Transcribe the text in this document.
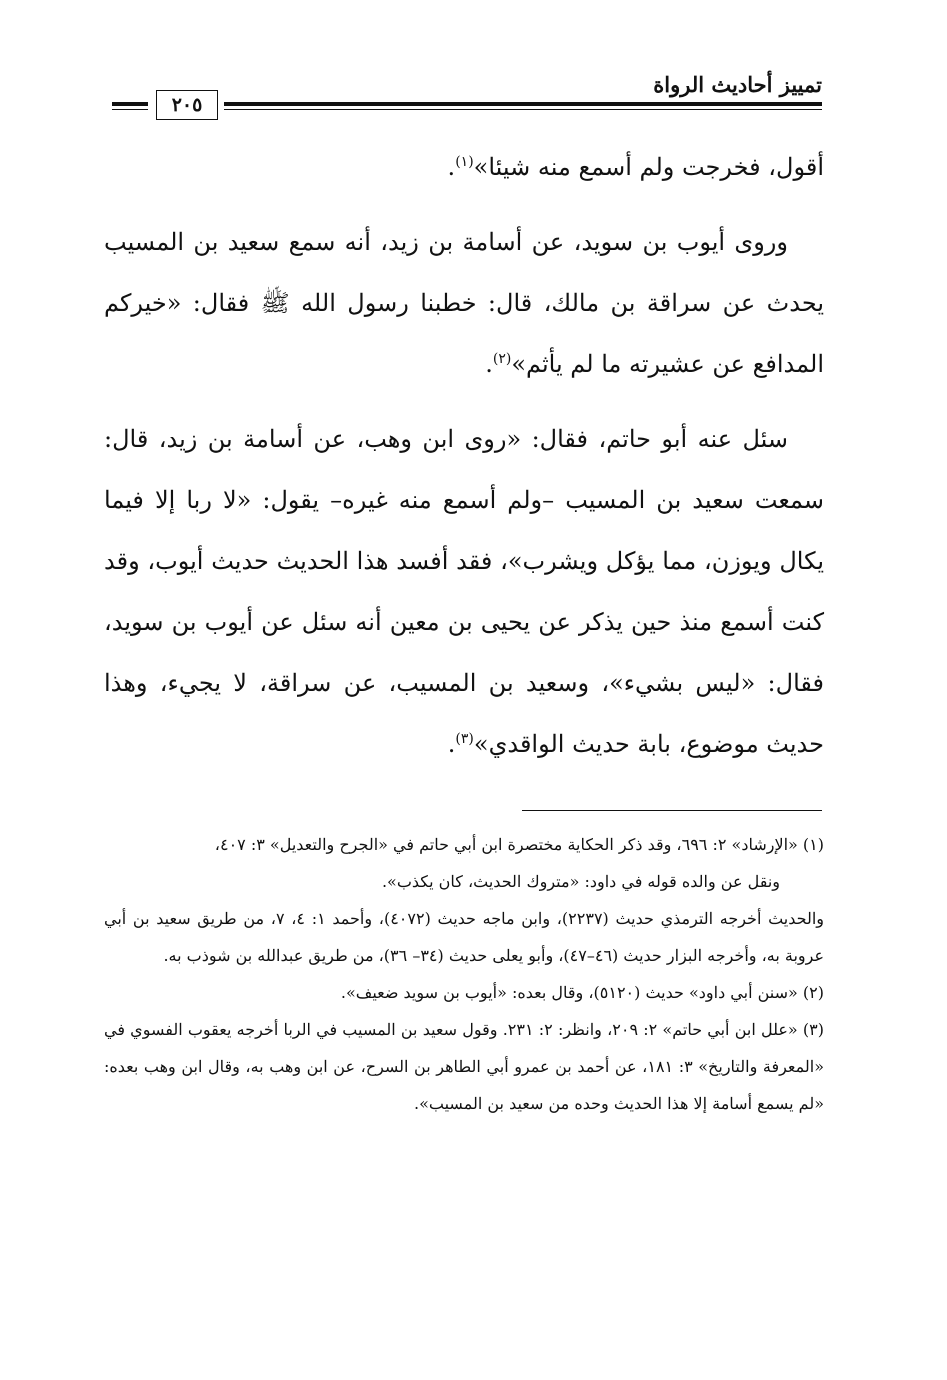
تمييز أحاديث الرواة
٢٠٥

أقول، فخرجت ولم أسمع منه شيئا»$^{(١)}$.

وروى أيوب بن سويد، عن أسامة بن زيد، أنه سمع سعيد بن المسيب يحدث عن سراقة بن مالك، قال: خطبنا رسول الله ﷺ فقال: «خيركم المدافع عن عشيرته ما لم يأثم»$^{(٢)}$.

سئل عنه أبو حاتم، فقال: «روى ابن وهب، عن أسامة بن زيد، قال: سمعت سعيد بن المسيب –ولم أسمع منه غيره– يقول: «لا ربا إلا فيما يكال ويوزن، مما يؤكل ويشرب»، فقد أفسد هذا الحديث حديث أيوب، وقد كنت أسمع منذ حين يذكر عن يحيى بن معين أنه سئل عن أيوب بن سويد، فقال: «ليس بشيء»، وسعيد بن المسيب، عن سراقة، لا يجيء، وهذا حديث موضوع، بابة حديث الواقدي»$^{(٣)}$.

(١) «الإرشاد» ٢: ٦٩٦، وقد ذكر الحكاية مختصرة ابن أبي حاتم في «الجرح والتعديل» ٣: ٤٠٧،

ونقل عن والده قوله في داود: «متروك الحديث، كان يكذب».

والحديث أخرجه الترمذي حديث (٢٢٣٧)، وابن ماجه حديث (٤٠٧٢)، وأحمد ١: ٤، ٧، من طريق سعيد بن أبي عروبة به، وأخرجه البزار حديث (٤٦–٤٧)، وأبو يعلى حديث (٣٤– ٣٦)، من طريق عبدالله بن شوذب به.

(٢) «سنن أبي داود» حديث (٥١٢٠)، وقال بعده: «أيوب بن سويد ضعيف».

(٣) «علل ابن أبي حاتم» ٢: ٢٠٩، وانظر: ٢: ٢٣١. وقول سعيد بن المسيب في الربا أخرجه يعقوب الفسوي في «المعرفة والتاريخ» ٣: ١٨١، عن أحمد بن عمرو أبي الطاهر بن السرح، عن ابن وهب به، وقال ابن وهب بعده: «لم يسمع أسامة إلا هذا الحديث وحده من سعيد بن المسيب».
